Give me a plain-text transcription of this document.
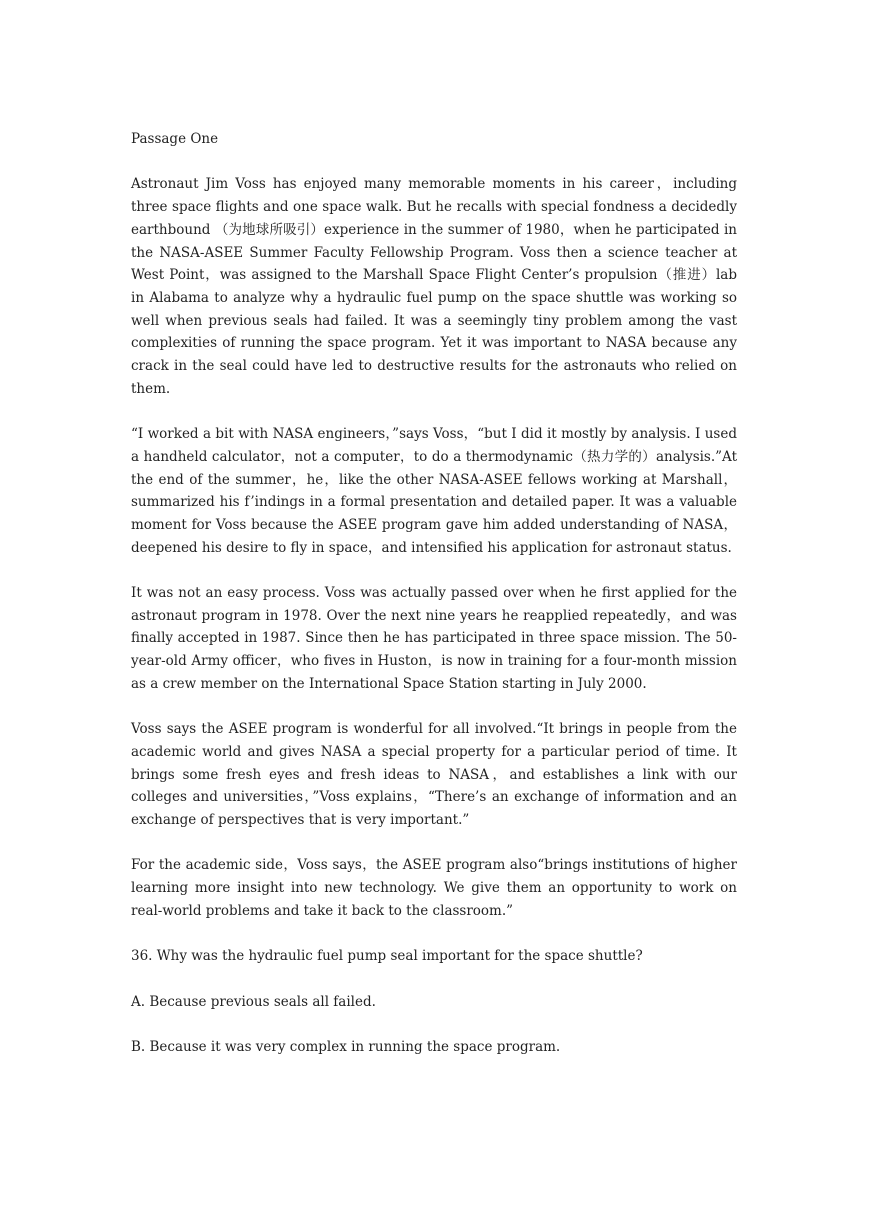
Passage One

Astronaut Jim Voss has enjoyed many memorable moments in his career，including three space flights and one space walk. But he recalls with special fondness a decidedly earthbound （为地球所吸引）experience in the summer of 1980，when he participated in the NASA-ASEE Summer Faculty Fellowship Program. Voss then a science teacher at West Point，was assigned to the Marshall Space Flight Center’s propulsion（推进）lab in Alabama to analyze why a hydraulic fuel pump on the space shuttle was working so well when previous seals had failed. It was a seemingly tiny problem among the vast complexities of running the space program. Yet it was important to NASA because any crack in the seal could have led to destructive results for the astronauts who relied on them.

“I worked a bit with NASA engineers，”says Voss，“but I did it mostly by analysis. I used a handheld calculator，not a computer，to do a thermodynamic（热力学的）analysis.”At the end of the summer，he，like the other NASA-ASEE fellows working at Marshall，summarized his f’indings in a formal presentation and detailed paper. It was a valuable moment for Voss because the ASEE program gave him added understanding of NASA，deepened his desire to fly in space，and intensified his application for astronaut status.

It was not an easy process. Voss was actually passed over when he first applied for the astronaut program in 1978. Over the next nine years he reapplied repeatedly，and was finally accepted in 1987. Since then he has participated in three space mission. The 50-year-old Army officer，who fives in Huston，is now in training for a four-month mission as a crew member on the International Space Station starting in July 2000.

Voss says the ASEE program is wonderful for all involved.“It brings in people from the academic world and gives NASA a special property for a particular period of time. It brings some fresh eyes and fresh ideas to NASA，and establishes a link with our colleges and universities，”Voss explains，“There’s an exchange of information and an exchange of perspectives that is very important.”

For the academic side，Voss says，the ASEE program also“brings institutions of higher learning more insight into new technology. We give them an opportunity to work on real-world problems and take it back to the classroom.”

36. Why was the hydraulic fuel pump seal important for the space shuttle?

A. Because previous seals all failed.

B. Because it was very complex in running the space program.
